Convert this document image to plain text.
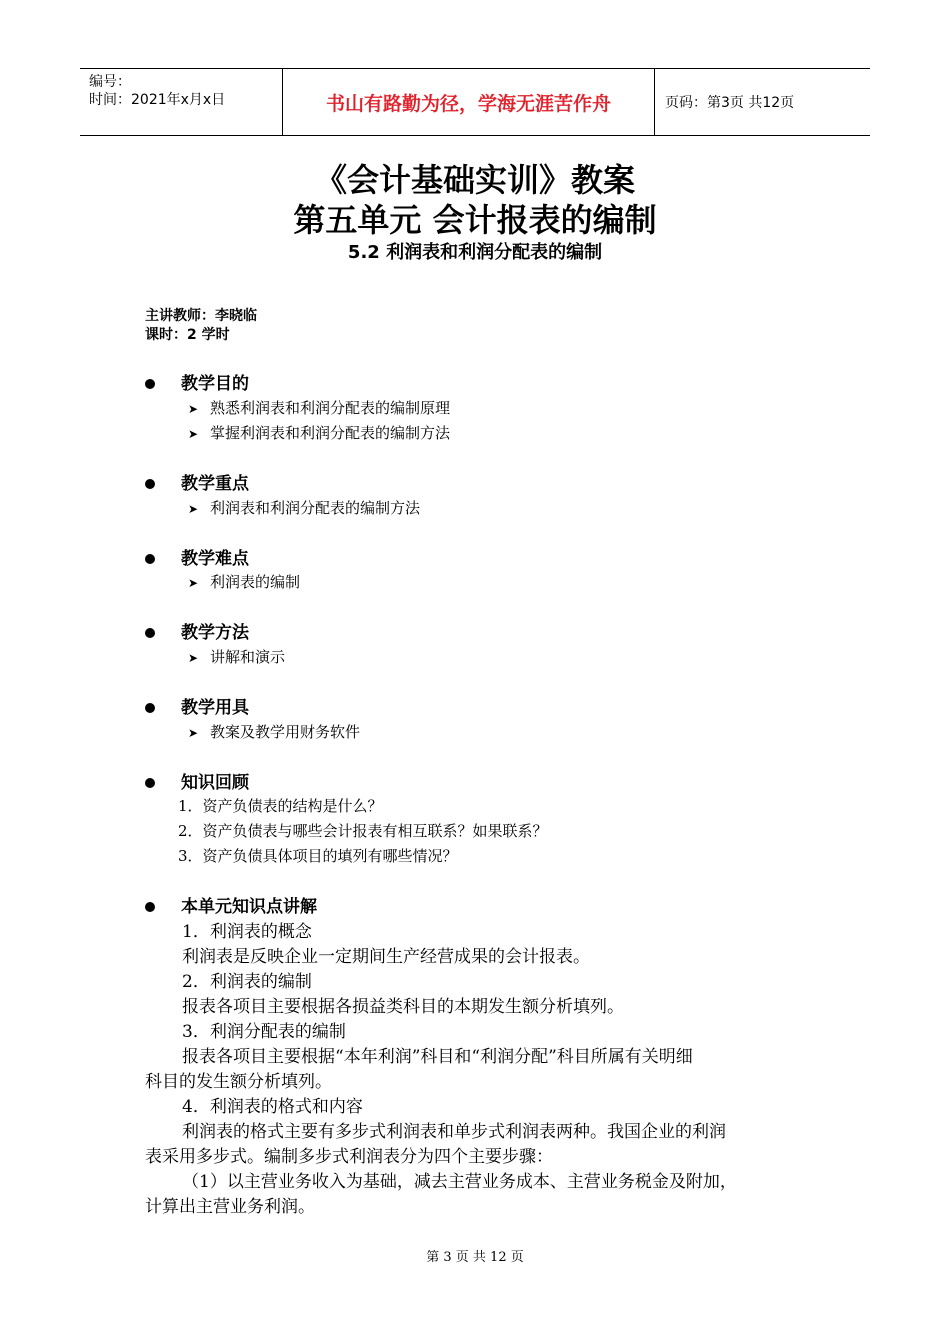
编号：
时间：2021年x月x日	书山有路勤为径，学海无涯苦作舟	页码：第3页 共12页
《会计基础实训》教案
第五单元 会计报表的编制
5.2 利润表和利润分配表的编制
主讲教师：李晓临
课时：2 学时
教学目的
➤ 熟悉利润表和利润分配表的编制原理
➤ 掌握利润表和利润分配表的编制方法
教学重点
➤ 利润表和利润分配表的编制方法
教学难点
➤ 利润表的编制
教学方法
➤ 讲解和演示
教学用具
➤ 教案及教学用财务软件
知识回顾
1．资产负债表的结构是什么？
2．资产负债表与哪些会计报表有相互联系？如果联系？
3．资产负债具体项目的填列有哪些情况？
本单元知识点讲解
1．利润表的概念
利润表是反映企业一定期间生产经营成果的会计报表。
2．利润表的编制
报表各项目主要根据各损益类科目的本期发生额分析填列。
3．利润分配表的编制
报表各项目主要根据“本年利润”科目和“利润分配”科目所属有关明细
科目的发生额分析填列。
4．利润表的格式和内容
利润表的格式主要有多步式利润表和单步式利润表两种。我国企业的利润
表采用多步式。编制多步式利润表分为四个主要步骤：
（1）以主营业务收入为基础，减去主营业务成本、主营业务税金及附加，
计算出主营业务利润。
第 3 页 共 12 页
